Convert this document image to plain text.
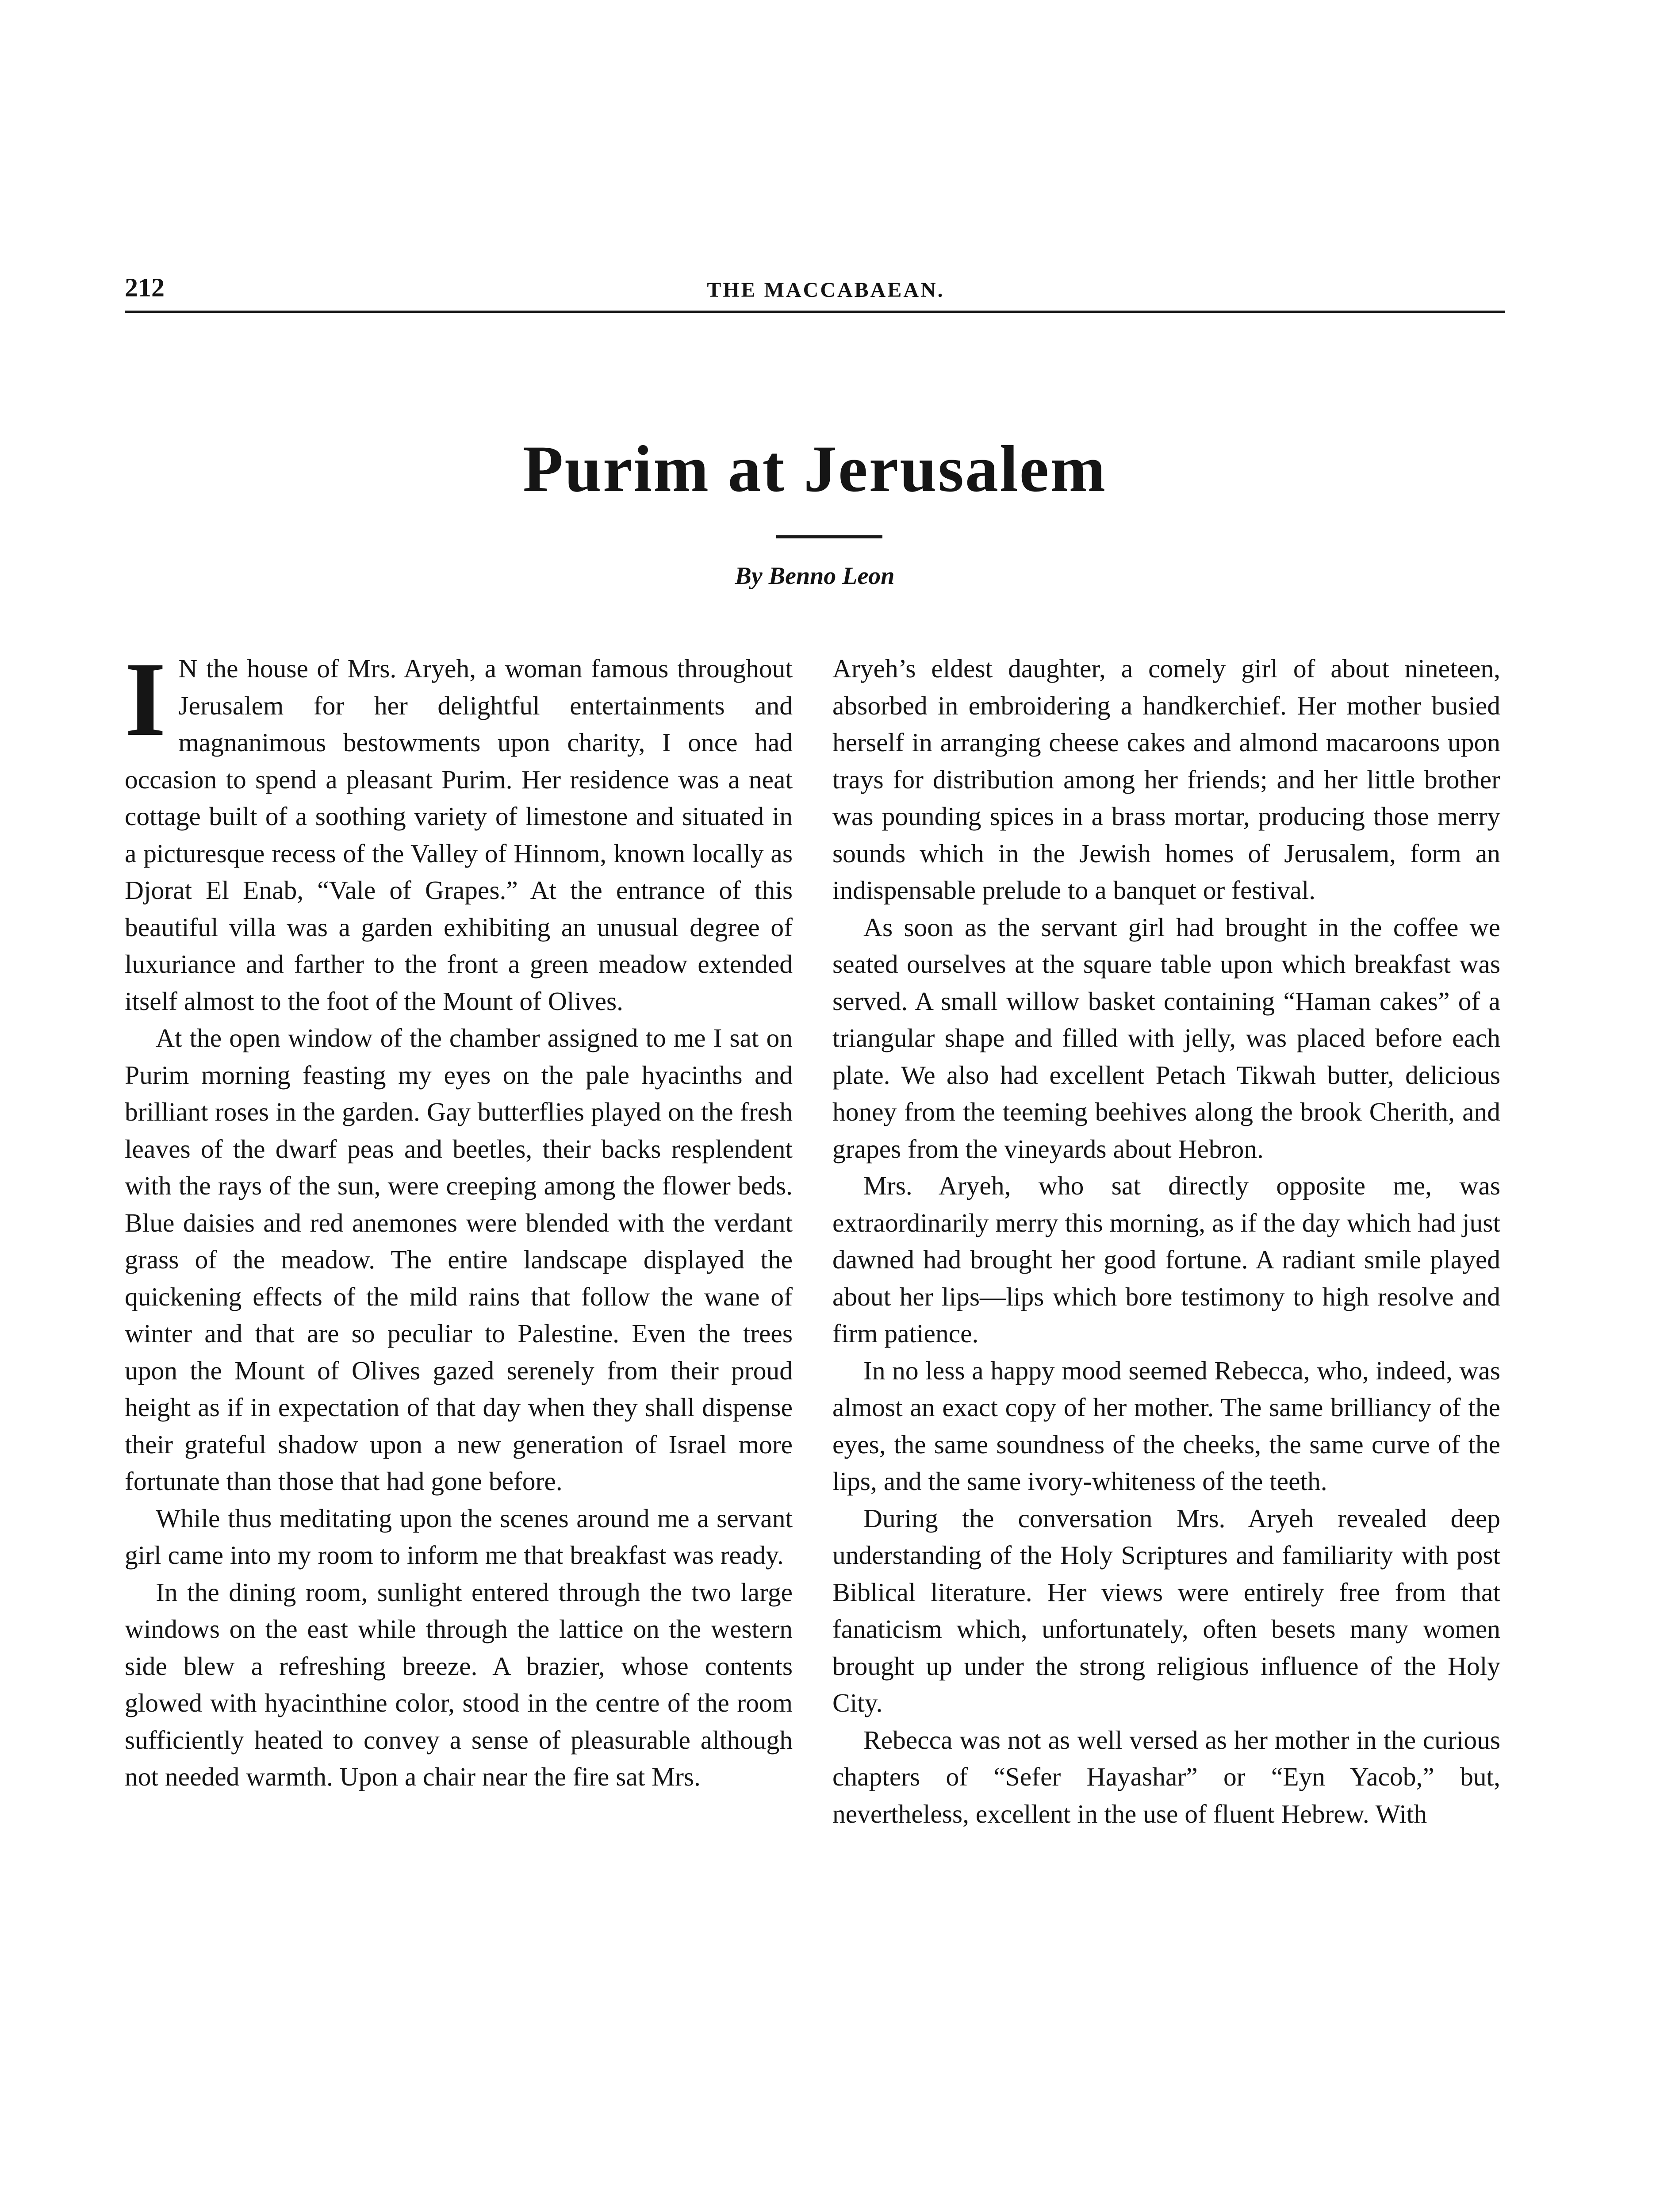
212	THE MACCABAEAN.
Purim at Jerusalem
By Benno Leon

I N the house of Mrs. Aryeh, a woman famous throughout Jerusalem for her delightful entertainments and magnanimous bestowments upon charity, I once had occasion to spend a pleasant Purim. Her residence was a neat cottage built of a soothing variety of limestone and situated in a picturesque recess of the Valley of Hinnom, known locally as Djorat El Enab, “Vale of Grapes.” At the entrance of this beautiful villa was a garden exhibiting an unusual degree of luxuriance and farther to the front a green meadow extended itself almost to the foot of the Mount of Olives.

At the open window of the chamber assigned to me I sat on Purim morning feasting my eyes on the pale hyacinths and brilliant roses in the garden. Gay butterflies played on the fresh leaves of the dwarf peas and beetles, their backs resplendent with the rays of the sun, were creeping among the flower beds. Blue daisies and red anemones were blended with the verdant grass of the meadow. The entire landscape displayed the quickening effects of the mild rains that follow the wane of winter and that are so peculiar to Palestine. Even the trees upon the Mount of Olives gazed serenely from their proud height as if in expectation of that day when they shall dispense their grateful shadow upon a new generation of Israel more fortunate than those that had gone before.

While thus meditating upon the scenes around me a servant girl came into my room to inform me that breakfast was ready.

In the dining room, sunlight entered through the two large windows on the east while through the lattice on the western side blew a refreshing breeze. A brazier, whose contents glowed with hyacinthine color, stood in the centre of the room sufficiently heated to convey a sense of pleasurable although not needed warmth. Upon a chair near the fire sat Mrs.

Aryeh’s eldest daughter, a comely girl of about nineteen, absorbed in embroidering a handkerchief. Her mother busied herself in arranging cheese cakes and almond macaroons upon trays for distribution among her friends; and her little brother was pounding spices in a brass mortar, producing those merry sounds which in the Jewish homes of Jerusalem, form an indispensable prelude to a banquet or festival.

As soon as the servant girl had brought in the coffee we seated ourselves at the square table upon which breakfast was served. A small willow basket containing “Haman cakes” of a triangular shape and filled with jelly, was placed before each plate. We also had excellent Petach Tikwah butter, delicious honey from the teeming beehives along the brook Cherith, and grapes from the vineyards about Hebron.

Mrs. Aryeh, who sat directly opposite me, was extraordinarily merry this morning, as if the day which had just dawned had brought her good fortune. A radiant smile played about her lips—lips which bore testimony to high resolve and firm patience.

In no less a happy mood seemed Rebecca, who, indeed, was almost an exact copy of her mother. The same brilliancy of the eyes, the same soundness of the cheeks, the same curve of the lips, and the same ivory-whiteness of the teeth.

During the conversation Mrs. Aryeh revealed deep understanding of the Holy Scriptures and familiarity with post Biblical literature. Her views were entirely free from that fanaticism which, unfortunately, often besets many women brought up under the strong religious influence of the Holy City.

Rebecca was not as well versed as her mother in the curious chapters of “Sefer Hayashar” or “Eyn Yacob,” but, nevertheless, excellent in the use of fluent Hebrew. With
